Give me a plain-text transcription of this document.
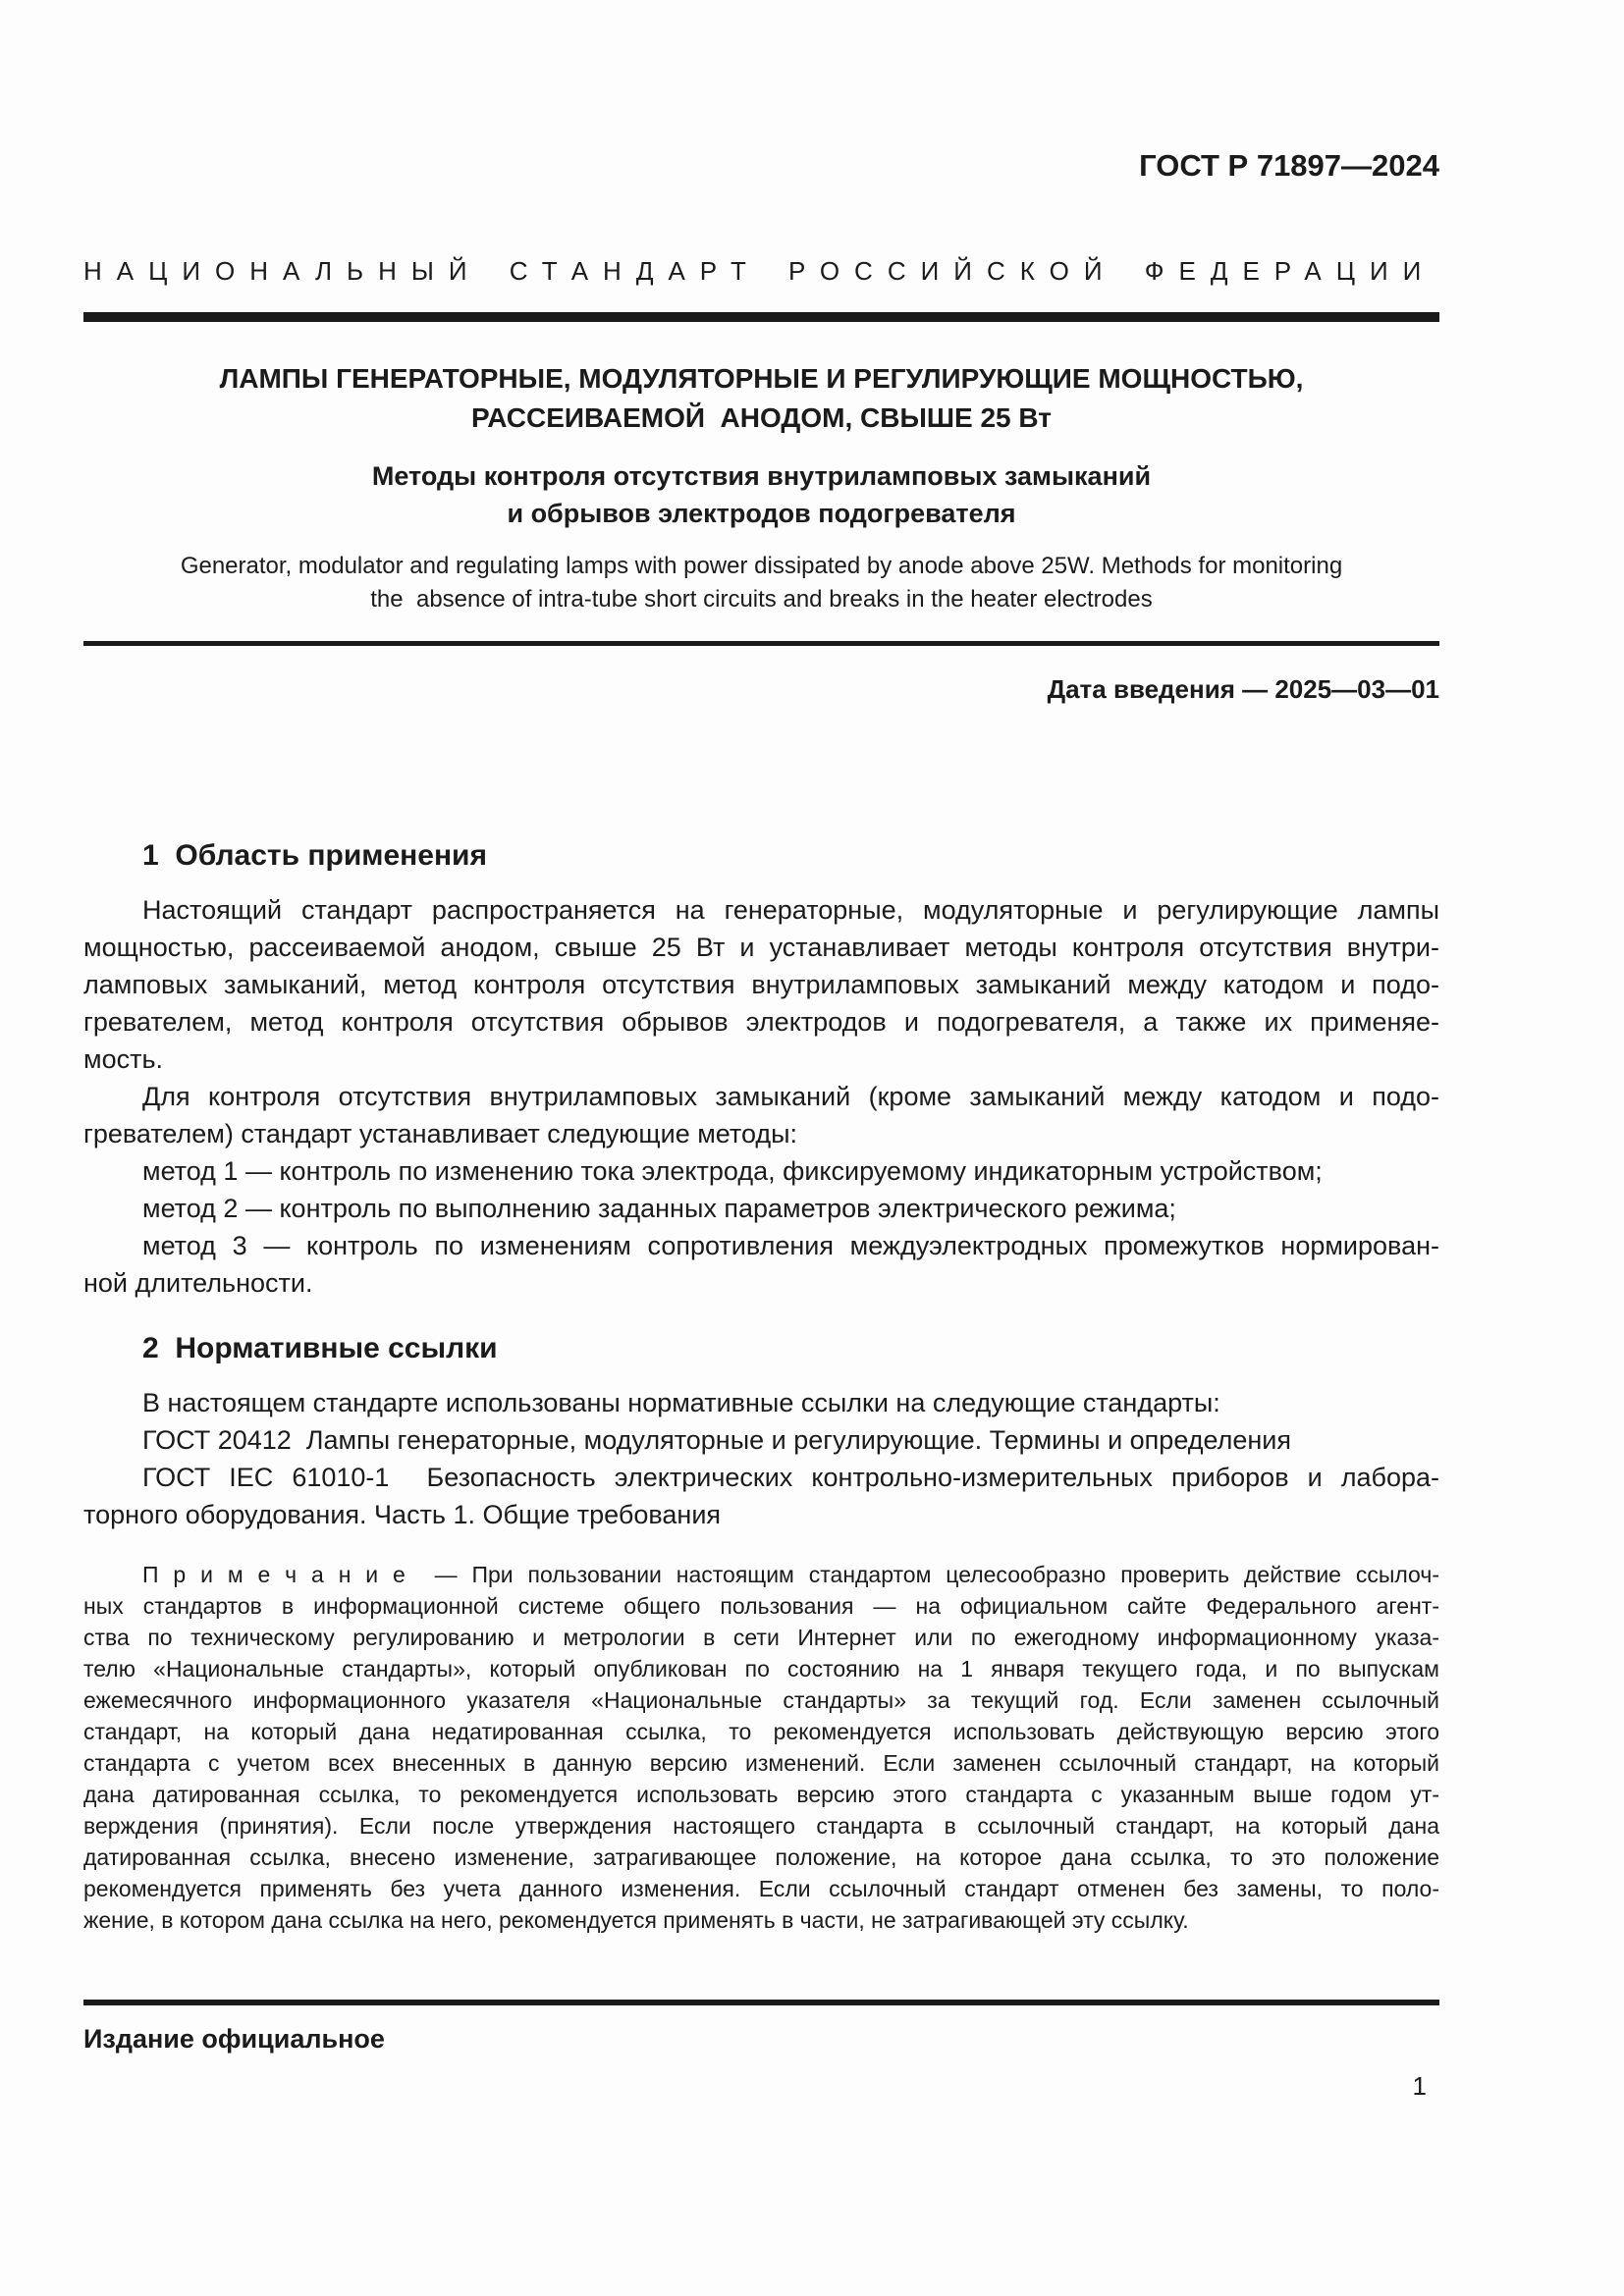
ГОСТ Р 71897—2024
НАЦИОНАЛЬНЫЙ СТАНДАРТ РОССИЙСКОЙ ФЕДЕРАЦИИ
ЛАМПЫ ГЕНЕРАТОРНЫЕ, МОДУЛЯТОРНЫЕ И РЕГУЛИРУЮЩИЕ МОЩНОСТЬЮ,
РАССЕИВАЕМОЙ  АНОДОМ, СВЫШЕ 25 Вт
Методы контроля отсутствия внутриламповых замыканий
и обрывов электродов подогревателя
Generator, modulator and regulating lamps with power dissipated by anode above 25W. Methods for monitoring
the  absence of intra-tube short circuits and breaks in the heater electrodes
Дата введения — 2025—03—01
1  Область применения
Настоящий стандарт распространяется на генераторные, модуляторные и регулирующие лампы
мощностью, рассеиваемой анодом, свыше 25 Вт и устанавливает методы контроля отсутствия внутри-
ламповых замыканий, метод контроля отсутствия внутриламповых замыканий между катодом и подо-
гревателем, метод контроля отсутствия обрывов электродов и подогревателя, а также их применяе-
мость.
Для контроля отсутствия внутриламповых замыканий (кроме замыканий между катодом и подо-
гревателем) стандарт устанавливает следующие методы:
метод 1 — контроль по изменению тока электрода, фиксируемому индикаторным устройством;
метод 2 — контроль по выполнению заданных параметров электрического режима;
метод 3 — контроль по изменениям сопротивления междуэлектродных промежутков нормирован-
ной длительности.
2  Нормативные ссылки
В настоящем стандарте использованы нормативные ссылки на следующие стандарты:
ГОСТ 20412  Лампы генераторные, модуляторные и регулирующие. Термины и определения
ГОСТ IEC 61010-1  Безопасность электрических контрольно-измерительных приборов и лабора-
торного оборудования. Часть 1. Общие требования
П р и м е ч а н и е  — При пользовании настоящим стандартом целесообразно проверить действие ссылоч-
ных стандартов в информационной системе общего пользования — на официальном сайте Федерального агент-
ства по техническому регулированию и метрологии в сети Интернет или по ежегодному информационному указа-
телю «Национальные стандарты», который опубликован по состоянию на 1 января текущего года, и по выпускам
ежемесячного информационного указателя «Национальные стандарты» за текущий год. Если заменен ссылочный
стандарт, на который дана недатированная ссылка, то рекомендуется использовать действующую версию этого
стандарта с учетом всех внесенных в данную версию изменений. Если заменен ссылочный стандарт, на который
дана датированная ссылка, то рекомендуется использовать версию этого стандарта с указанным выше годом ут-
верждения (принятия). Если после утверждения настоящего стандарта в ссылочный стандарт, на который дана
датированная ссылка, внесено изменение, затрагивающее положение, на которое дана ссылка, то это положение
рекомендуется применять без учета данного изменения. Если ссылочный стандарт отменен без замены, то поло-
жение, в котором дана ссылка на него, рекомендуется применять в части, не затрагивающей эту ссылку.
Издание официальное
1
